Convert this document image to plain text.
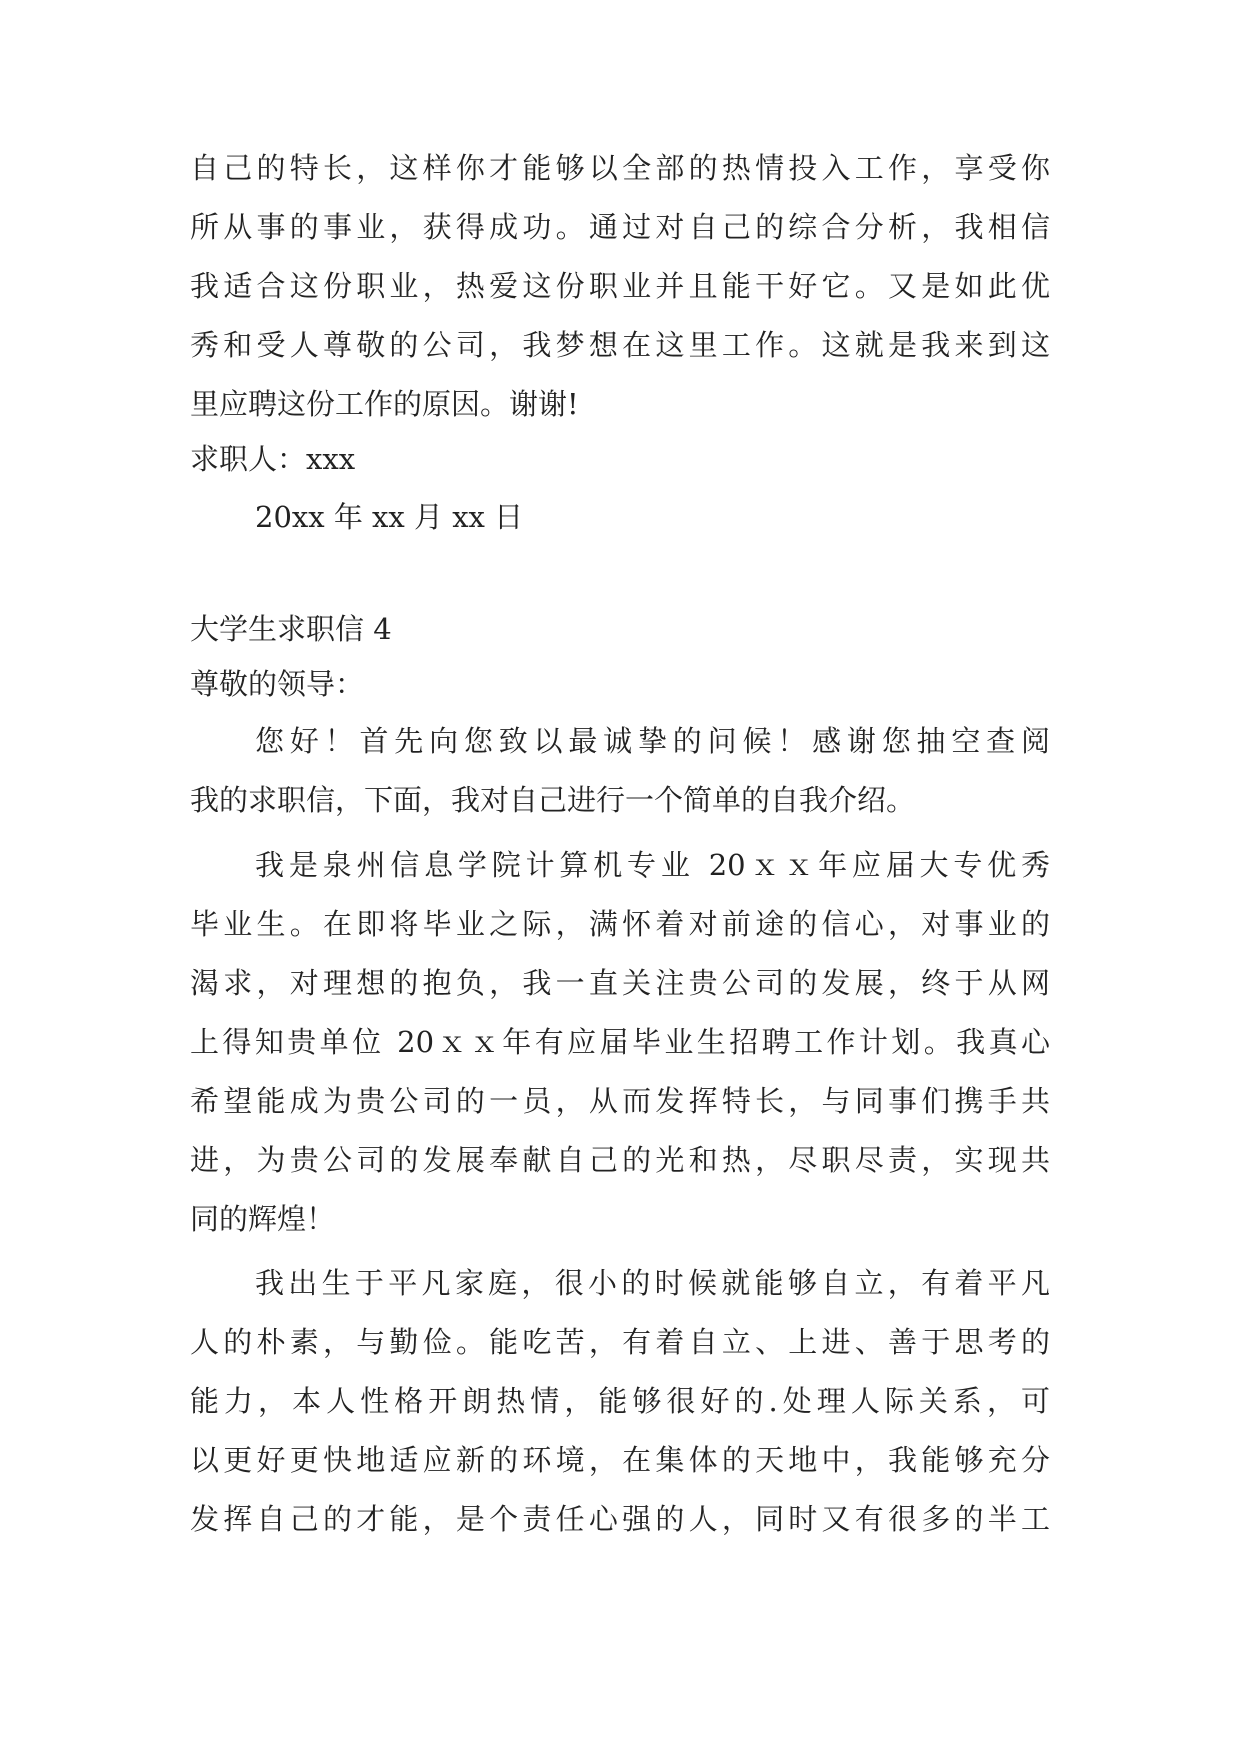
自己的特长，这样你才能够以全部的热情投入工作，享受你
所从事的事业，获得成功。通过对自己的综合分析，我相信
我适合这份职业，热爱这份职业并且能干好它。又是如此优
秀和受人尊敬的公司，我梦想在这里工作。这就是我来到这
里应聘这份工作的原因。谢谢!
求职人：xxx
20xx 年 xx 月 xx 日
大学生求职信 4
尊敬的领导：
您好！首先向您致以最诚挚的问候！感谢您抽空查阅
我的求职信，下面，我对自己进行一个简单的自我介绍。
我是泉州信息学院计算机专业 20ｘｘ年应届大专优秀
毕业生。在即将毕业之际，满怀着对前途的信心，对事业的
渴求，对理想的抱负，我一直关注贵公司的发展，终于从网
上得知贵单位 20ｘｘ年有应届毕业生招聘工作计划。我真心
希望能成为贵公司的一员，从而发挥特长，与同事们携手共
进，为贵公司的发展奉献自己的光和热，尽职尽责，实现共
同的辉煌！
我出生于平凡家庭，很小的时候就能够自立，有着平凡
人的朴素，与勤俭。能吃苦，有着自立、上进、善于思考的
能力，本人性格开朗热情，能够很好的.处理人际关系，可
以更好更快地适应新的环境，在集体的天地中，我能够充分
发挥自己的才能，是个责任心强的人，同时又有很多的半工
